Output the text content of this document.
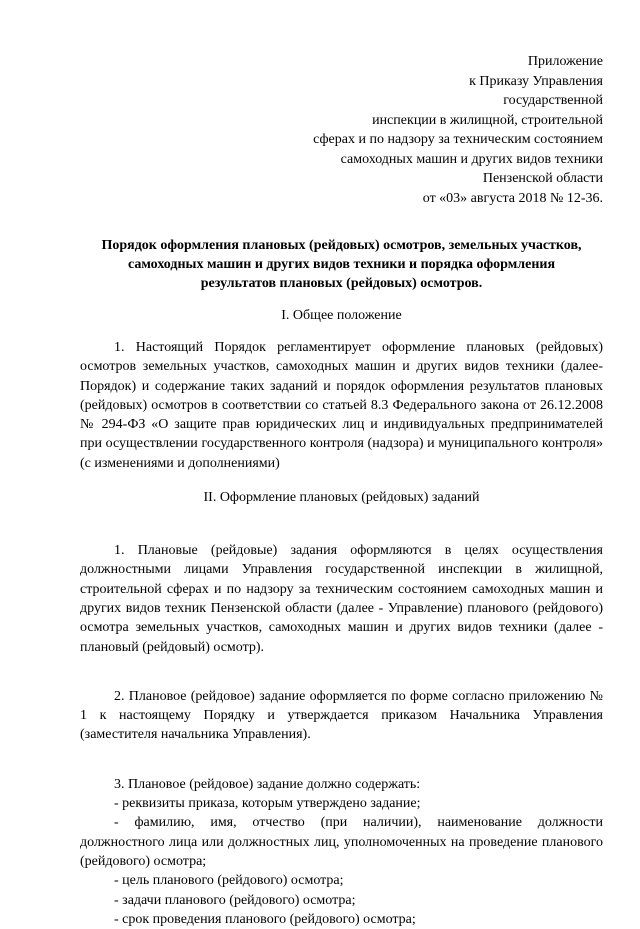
Приложение
к Приказу Управления
государственной
инспекции в жилищной, строительной
сферах и по надзору за техническим состоянием
самоходных машин и других видов техники
Пензенской области
от «03» августа 2018 № 12-36.
Порядок оформления плановых (рейдовых) осмотров, земельных участков,
самоходных машин и других видов техники и порядка оформления
результатов плановых (рейдовых) осмотров.
I. Общее положение
1. Настоящий Порядок регламентирует оформление плановых (рейдовых) осмотров земельных участков, самоходных машин и других видов техники (далее- Порядок) и содержание таких заданий и порядок оформления результатов плановых (рейдовых) осмотров в соответствии со статьей 8.3 Федерального закона от 26.12.2008 № 294-ФЗ «О защите прав юридических лиц и индивидуальных предпринимателей при осуществлении государственного контроля (надзора) и муниципального контроля» (с изменениями и дополнениями)
II. Оформление плановых (рейдовых) заданий
1. Плановые (рейдовые) задания оформляются в целях осуществления должностными лицами Управления государственной инспекции в жилищной, строительной сферах и по надзору за техническим состоянием самоходных машин и других видов техник Пензенской области (далее - Управление) планового (рейдового) осмотра земельных участков, самоходных машин и других видов техники (далее - плановый (рейдовый) осмотр).
2. Плановое (рейдовое) задание оформляется по форме согласно приложению № 1 к настоящему Порядку и утверждается приказом Начальника Управления (заместителя начальника Управления).
3. Плановое (рейдовое) задание должно содержать:
- реквизиты приказа, которым утверждено задание;
- фамилию, имя, отчество (при наличии), наименование должности должностного лица или должностных лиц, уполномоченных на проведение планового (рейдового) осмотра;
- цель планового (рейдового) осмотра;
- задачи планового (рейдового) осмотра;
- срок проведения планового (рейдового) осмотра;
